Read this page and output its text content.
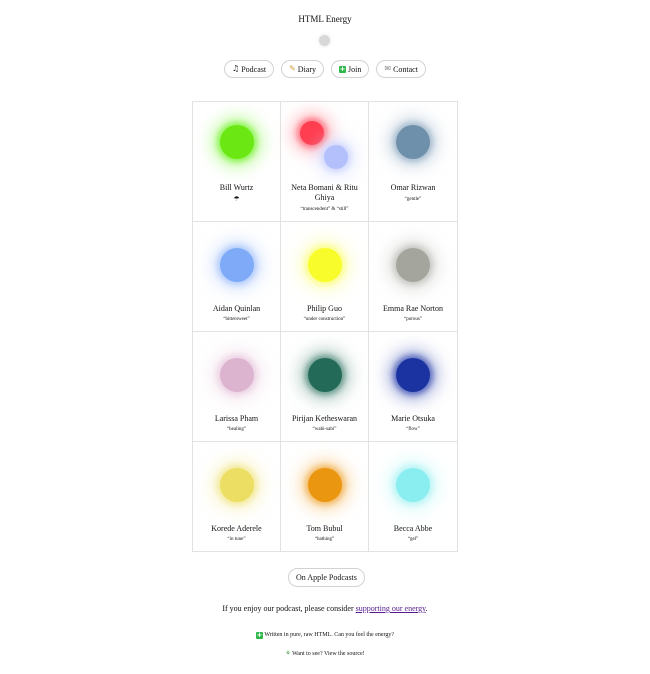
HTML Energy
♫ Podcast	✎ Diary	+ Join	✉ Contact
Bill Wurtz
☂
Neta Bomani & Ritu Ghiya
“transcendent” & “still”
Omar Rizwan
“gentle”
Aidan Quinlan
“bittersweet”
Philip Guo
“under construction”
Emma Rae Norton
“porous”
Larissa Pham
“healing”
Pirijan Ketheswaran
“wabi-sabi”
Marie Otsuka
“flow”
Korede Aderele
“in tune”
Tom Bubul
“bathing”
Becca Abbe
“gel”
On Apple Podcasts
If you enjoy our podcast, please consider supporting our energy.
+ Written in pure, raw HTML. Can you feel the energy?
⚘ Want to see? View the source!
